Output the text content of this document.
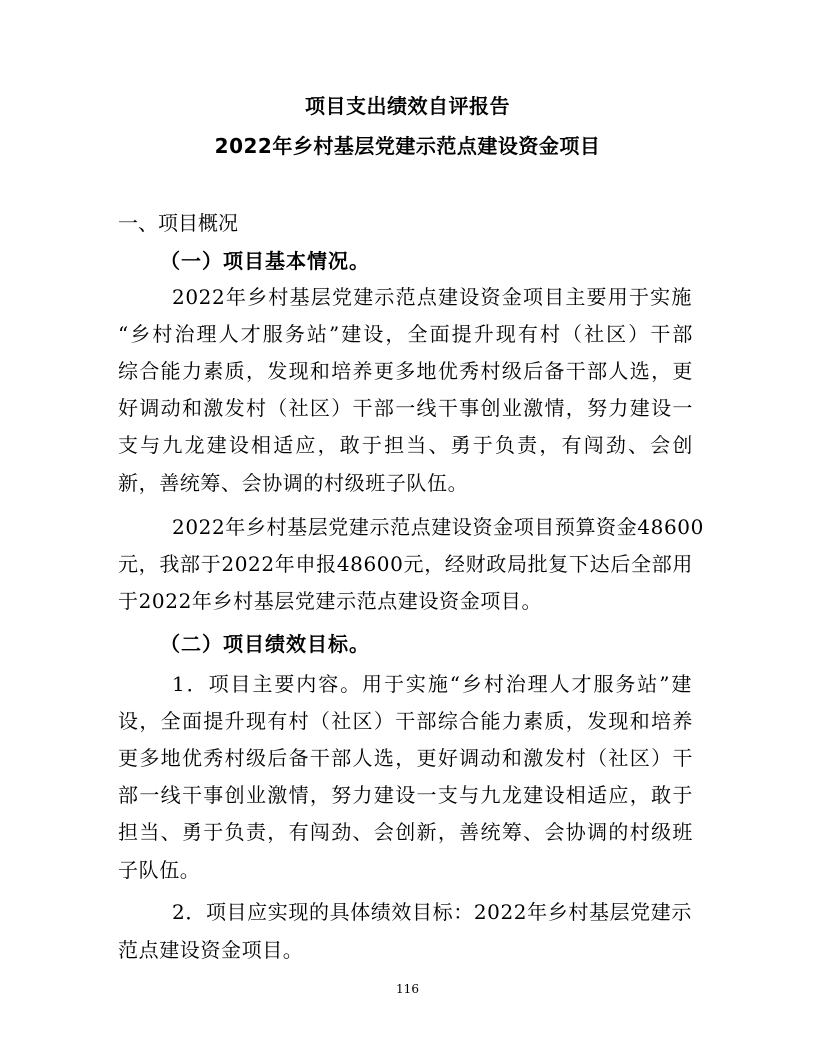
项目支出绩效自评报告
2022年乡村基层党建示范点建设资金项目
一、项目概况
（一）项目基本情况。
2022年乡村基层党建示范点建设资金项目主要用于实施
“乡村治理人才服务站”建设，全面提升现有村（社区）干部
综合能力素质，发现和培养更多地优秀村级后备干部人选，更
好调动和激发村（社区）干部一线干事创业激情，努力建设一
支与九龙建设相适应，敢于担当、勇于负责，有闯劲、会创
新，善统筹、会协调的村级班子队伍。
2022年乡村基层党建示范点建设资金项目预算资金48600
元，我部于2022年申报48600元，经财政局批复下达后全部用
于2022年乡村基层党建示范点建设资金项目。
（二）项目绩效目标。
1．项目主要内容。用于实施“乡村治理人才服务站”建
设，全面提升现有村（社区）干部综合能力素质，发现和培养
更多地优秀村级后备干部人选，更好调动和激发村（社区）干
部一线干事创业激情，努力建设一支与九龙建设相适应，敢于
担当、勇于负责，有闯劲、会创新，善统筹、会协调的村级班
子队伍。
2．项目应实现的具体绩效目标：2022年乡村基层党建示
范点建设资金项目。
116
